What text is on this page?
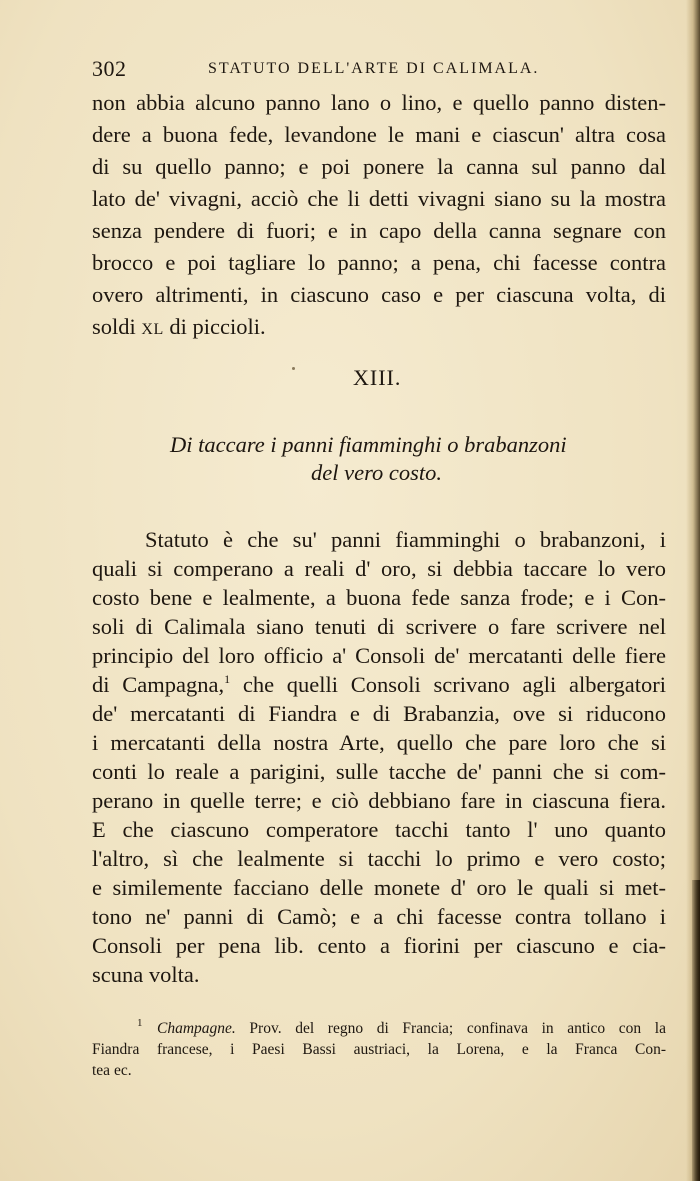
302	STATUTO DELL'ARTE DI CALIMALA.
non abbia alcuno panno lano o lino, e quello panno disten-
dere a buona fede, levandone le mani e ciascun' altra cosa
di su quello panno; e poi ponere la canna sul panno dal
lato de' vivagni, acciò che li detti vivagni siano su la mostra
senza pendere di fuori; e in capo della canna segnare con
brocco e poi tagliare lo panno; a pena, chi facesse contra
overo altrimenti, in ciascuno caso e per ciascuna volta, di
soldi XL di piccioli.
XIII.
Di taccare i panni fiamminghi o brabanzoni
del vero costo.
Statuto è che su' panni fiamminghi o brabanzoni, i
quali si comperano a reali d' oro, si debbia taccare lo vero
costo bene e lealmente, a buona fede sanza frode; e i Con-
soli di Calimala siano tenuti di scrivere o fare scrivere nel
principio del loro officio a' Consoli de' mercatanti delle fiere
di Campagna,$^1$ che quelli Consoli scrivano agli albergatori
de' mercatanti di Fiandra e di Brabanzia, ove si riducono
i mercatanti della nostra Arte, quello che pare loro che si
conti lo reale a parigini, sulle tacche de' panni che si com-
perano in quelle terre; e ciò debbiano fare in ciascuna fiera.
E che ciascuno comperatore tacchi tanto l' uno quanto
l'altro, sì che lealmente si tacchi lo primo e vero costo;
e similemente facciano delle monete d' oro le quali si met-
tono ne' panni di Camò; e a chi facesse contra tollano i
Consoli per pena lib. cento a fiorini per ciascuno e cia-
scuna volta.
1 Champagne. Prov. del regno di Francia; confinava in antico con la
Fiandra francese, i Paesi Bassi austriaci, la Lorena, e la Franca Con-
tea ec.
